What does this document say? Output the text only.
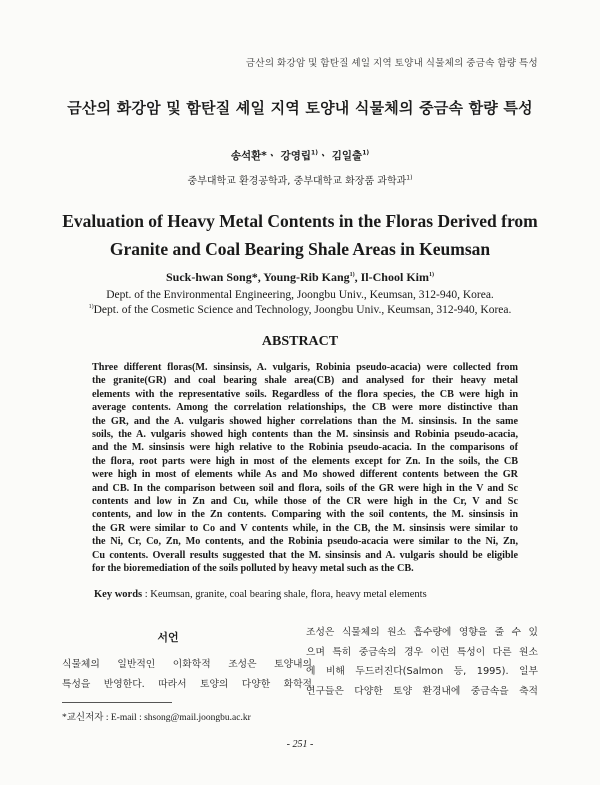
금산의 화강암 및 함탄질 셰일 지역 토양내 식물체의 중금속 함량 특성
금산의 화강암 및 함탄질 셰일 지역 토양내 식물체의 중금속 함량 특성
송석환*ㆍ 강영립$^{1)}$ㆍ 김일출$^{1)}$
중부대학교 환경공학과, 중부대학교 화장품 과학과$^{1)}$
Evaluation of Heavy Metal Contents in the Floras Derived from
Granite and Coal Bearing Shale Areas in Keumsan
Suck-hwan Song*, Young-Rib Kang$^{1)}$, Il-Chool Kim$^{1)}$
Dept. of the Environmental Engineering, Joongbu Univ., Keumsan, 312-940, Korea.
$^{1)}$Dept. of the Cosmetic Science and Technology, Joongbu Univ., Keumsan, 312-940, Korea.
ABSTRACT
Three different floras(M. sinsinsis, A. vulgaris, Robinia pseudo-acacia) were collected from
the granite(GR) and coal bearing shale area(CB) and analysed for their heavy metal
elements with the representative soils. Regardless of the flora species, the CB were high in
average contents. Among the correlation relationships, the CB were more distinctive than
the GR, and the A. vulgaris showed higher correlations than the M. sinsinsis. In the same
soils, the A. vulgaris showed high contents than the M. sinsinsis and Robinia pseudo-acacia,
and the M. sinsinsis were high relative to the Robinia pseudo-acacia. In the comparisons of
the flora, root parts were high in most of the elements except for Zn. In the soils, the CB
were high in most of elements while As and Mo showed different contents between the GR
and CB. In the comparison between soil and flora, soils of the GR were high in the V and Sc
contents and low in Zn and Cu, while those of the CR were high in the Cr, V and Sc
contents, and low in the Zn contents. Comparing with the soil contents, the M. sinsinsis in
the GR were similar to Co and V contents while, in the CB, the M. sinsinsis were similar to
the Ni, Cr, Co, Zn, Mo contents, and the Robinia pseudo-acacia were similar to the Ni, Zn,
Cu contents. Overall results suggested that the M. sinsinsis and A. vulgaris should be eligible
for the bioremediation of the soils polluted by heavy metal such as the CB.
Key words : Keumsan, granite, coal bearing shale, flora, heavy metal elements
서언
식물체의 일반적인 이화학적 조성은 토양내의
특성을 반영한다. 따라서 토양의 다양한 화학적
조성은 식물체의 원소 흡수량에 영향을 줄 수 있
으며 특히 중금속의 경우 이런 특성이 다른 원소
에 비해 두드러진다(Salmon 등, 1995). 일부
연구들은 다양한 토양 환경내에 중금속을 축적
*교신저자 : E-mail : shsong@mail.joongbu.ac.kr
- 251 -
